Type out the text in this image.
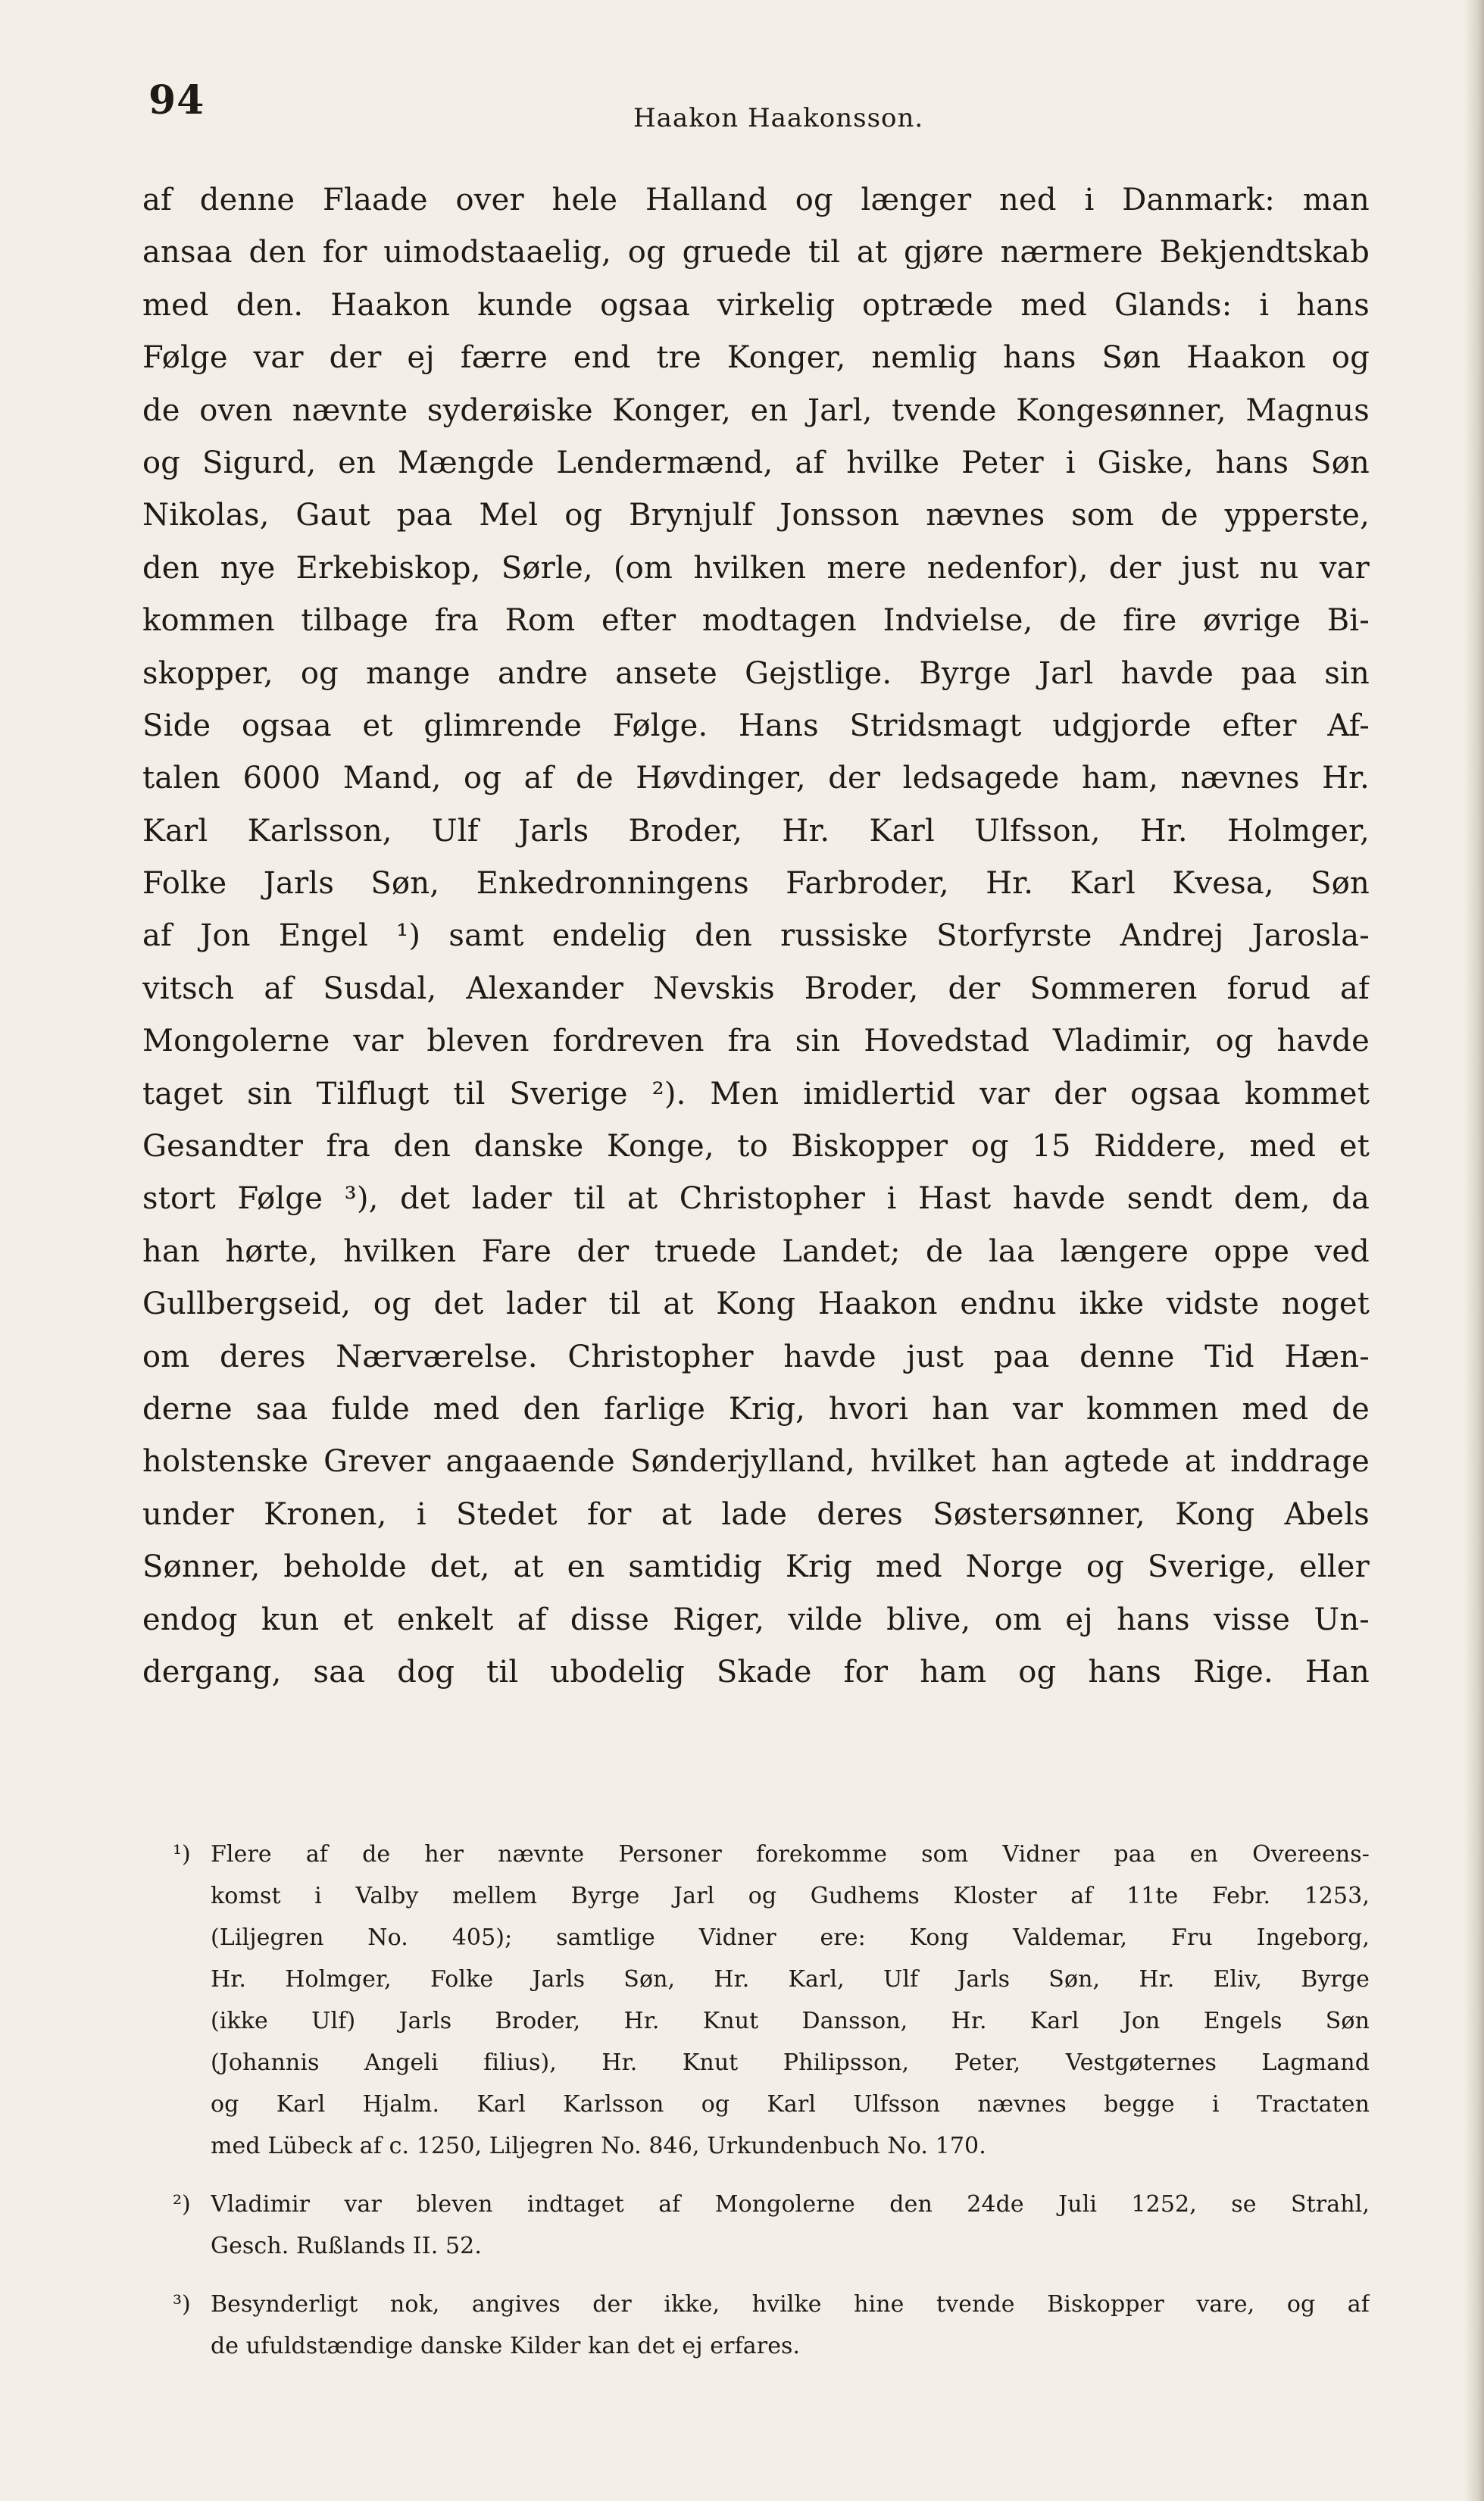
94	Haakon Haakonsson.
af denne Flaade over hele Halland og længer ned i Danmark: man
ansaa den for uimodstaaelig, og gruede til at gjøre nærmere Bekjendtskab
med den. Haakon kunde ogsaa virkelig optræde med Glands: i hans
Følge var der ej færre end tre Konger, nemlig hans Søn Haakon og
de oven nævnte syderøiske Konger, en Jarl, tvende Kongesønner, Magnus
og Sigurd, en Mængde Lendermænd, af hvilke Peter i Giske, hans Søn
Nikolas, Gaut paa Mel og Brynjulf Jonsson nævnes som de ypperste,
den nye Erkebiskop, Sørle, (om hvilken mere nedenfor), der just nu var
kommen tilbage fra Rom efter modtagen Indvielse, de fire øvrige Bi-
skopper, og mange andre ansete Gejstlige. Byrge Jarl havde paa sin
Side ogsaa et glimrende Følge. Hans Stridsmagt udgjorde efter Af-
talen 6000 Mand, og af de Høvdinger, der ledsagede ham, nævnes Hr.
Karl Karlsson, Ulf Jarls Broder, Hr. Karl Ulfsson, Hr. Holmger,
Folke Jarls Søn, Enkedronningens Farbroder, Hr. Karl Kvesa, Søn
af Jon Engel ¹) samt endelig den russiske Storfyrste Andrej Jarosla-
vitsch af Susdal, Alexander Nevskis Broder, der Sommeren forud af
Mongolerne var bleven fordreven fra sin Hovedstad Vladimir, og havde
taget sin Tilflugt til Sverige ²). Men imidlertid var der ogsaa kommet
Gesandter fra den danske Konge, to Biskopper og 15 Riddere, med et
stort Følge ³), det lader til at Christopher i Hast havde sendt dem, da
han hørte, hvilken Fare der truede Landet; de laa længere oppe ved
Gullbergseid, og det lader til at Kong Haakon endnu ikke vidste noget
om deres Nærværelse. Christopher havde just paa denne Tid Hæn-
derne saa fulde med den farlige Krig, hvori han var kommen med de
holstenske Grever angaaende Sønderjylland, hvilket han agtede at inddrage
under Kronen, i Stedet for at lade deres Søstersønner, Kong Abels
Sønner, beholde det, at en samtidig Krig med Norge og Sverige, eller
endog kun et enkelt af disse Riger, vilde blive, om ej hans visse Un-
dergang, saa dog til ubodelig Skade for ham og hans Rige. Han
¹) Flere af de her nævnte Personer forekomme som Vidner paa en Overeens-
komst i Valby mellem Byrge Jarl og Gudhems Kloster af 11te Febr. 1253,
(Liljegren No. 405); samtlige Vidner ere: Kong Valdemar, Fru Ingeborg,
Hr. Holmger, Folke Jarls Søn, Hr. Karl, Ulf Jarls Søn, Hr. Eliv, Byrge
(ikke Ulf) Jarls Broder, Hr. Knut Dansson, Hr. Karl Jon Engels Søn
(Johannis Angeli filius), Hr. Knut Philipsson, Peter, Vestgøternes Lagmand
og Karl Hjalm. Karl Karlsson og Karl Ulfsson nævnes begge i Tractaten
med Lübeck af c. 1250, Liljegren No. 846, Urkundenbuch No. 170.
²) Vladimir var bleven indtaget af Mongolerne den 24de Juli 1252, se Strahl,
Gesch. Rußlands II. 52.
³) Besynderligt nok, angives der ikke, hvilke hine tvende Biskopper vare, og af
de ufuldstændige danske Kilder kan det ej erfares.
